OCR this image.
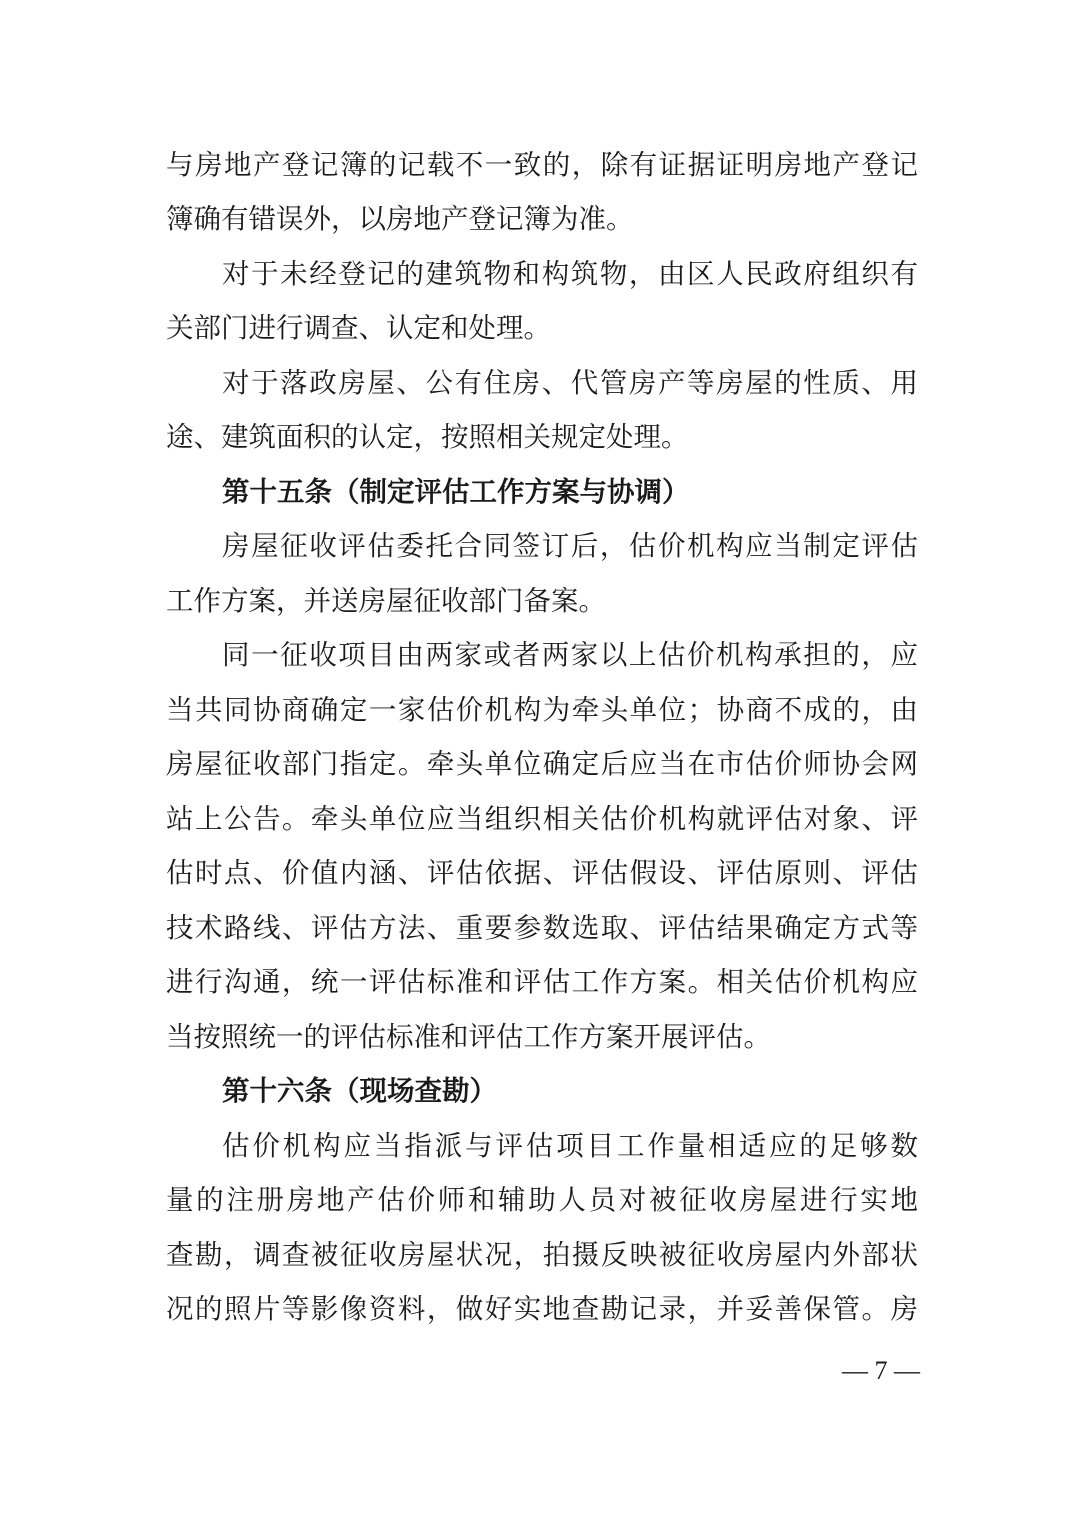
与房地产登记簿的记载不一致的，除有证据证明房地产登记
簿确有错误外，以房地产登记簿为准。
对于未经登记的建筑物和构筑物，由区人民政府组织有
关部门进行调查、认定和处理。
对于落政房屋、公有住房、代管房产等房屋的性质、用
途、建筑面积的认定，按照相关规定处理。
第十五条（制定评估工作方案与协调）
房屋征收评估委托合同签订后，估价机构应当制定评估
工作方案，并送房屋征收部门备案。
同一征收项目由两家或者两家以上估价机构承担的，应
当共同协商确定一家估价机构为牵头单位；协商不成的，由
房屋征收部门指定。牵头单位确定后应当在市估价师协会网
站上公告。牵头单位应当组织相关估价机构就评估对象、评
估时点、价值内涵、评估依据、评估假设、评估原则、评估
技术路线、评估方法、重要参数选取、评估结果确定方式等
进行沟通，统一评估标准和评估工作方案。相关估价机构应
当按照统一的评估标准和评估工作方案开展评估。
第十六条（现场查勘）
估价机构应当指派与评估项目工作量相适应的足够数
量的注册房地产估价师和辅助人员对被征收房屋进行实地
查勘，调查被征收房屋状况，拍摄反映被征收房屋内外部状
况的照片等影像资料，做好实地查勘记录，并妥善保管。房
— 7 —
